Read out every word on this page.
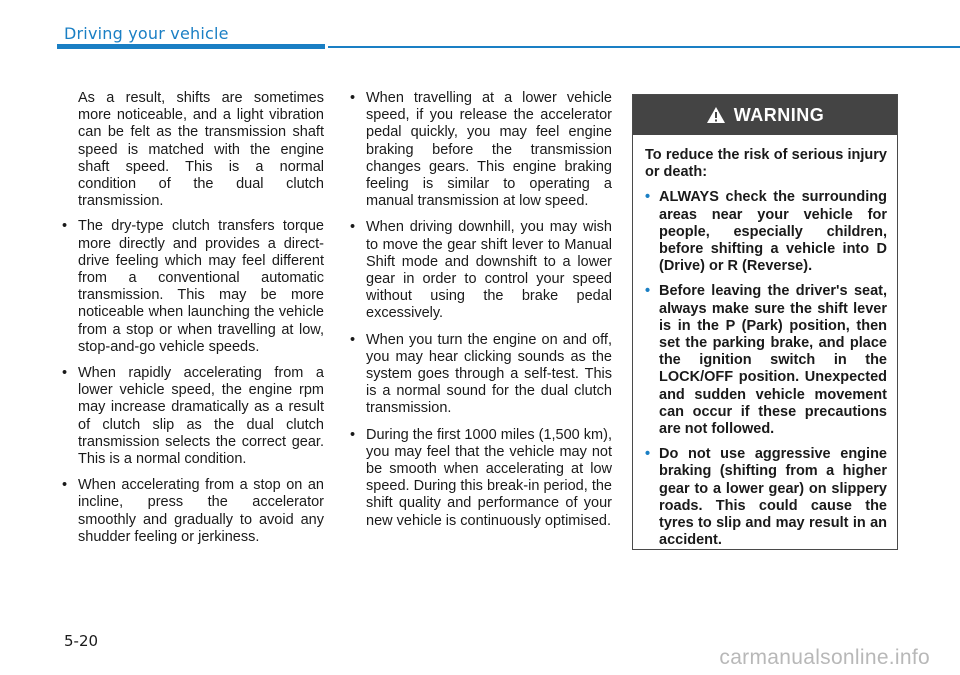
Driving your vehicle

As a result, shifts are sometimes more noticeable, and a light vibration can be felt as the transmission shaft speed is matched with the engine shaft speed. This is a normal condition of the dual clutch transmission.

• The dry-type clutch transfers torque more directly and provides a direct-drive feeling which may feel different from a conventional automatic transmission. This may be more noticeable when launching the vehicle from a stop or when travelling at low, stop-and-go vehicle speeds.
• When rapidly accelerating from a lower vehicle speed, the engine rpm may increase dramatically as a result of clutch slip as the dual clutch transmission selects the correct gear. This is a normal condition.
• When accelerating from a stop on an incline, press the accelerator smoothly and gradually to avoid any shudder feeling or jerkiness.
• When travelling at a lower vehicle speed, if you release the accelerator pedal quickly, you may feel engine braking before the transmission changes gears. This engine braking feeling is similar to operating a manual transmission at low speed.
• When driving downhill, you may wish to move the gear shift lever to Manual Shift mode and downshift to a lower gear in order to control your speed without using the brake pedal excessively.
• When you turn the engine on and off, you may hear clicking sounds as the system goes through a self-test. This is a normal sound for the dual clutch transmission.
• During the first 1000 miles (1,500 km), you may feel that the vehicle may not be smooth when accelerating at low speed. During this break-in period, the shift quality and performance of your new vehicle is continuously optimised.
WARNING

To reduce the risk of serious injury or death:

• ALWAYS check the surrounding areas near your vehicle for people, especially children, before shifting a vehicle into D (Drive) or R (Reverse).
• Before leaving the driver's seat, always make sure the shift lever is in the P (Park) position, then set the parking brake, and place the ignition switch in the LOCK/OFF position. Unexpected and sudden vehicle movement can occur if these precautions are not followed.
• Do not use aggressive engine braking (shifting from a higher gear to a lower gear) on slippery roads. This could cause the tyres to slip and may result in an accident.
5-20
carmanualsonline.info
